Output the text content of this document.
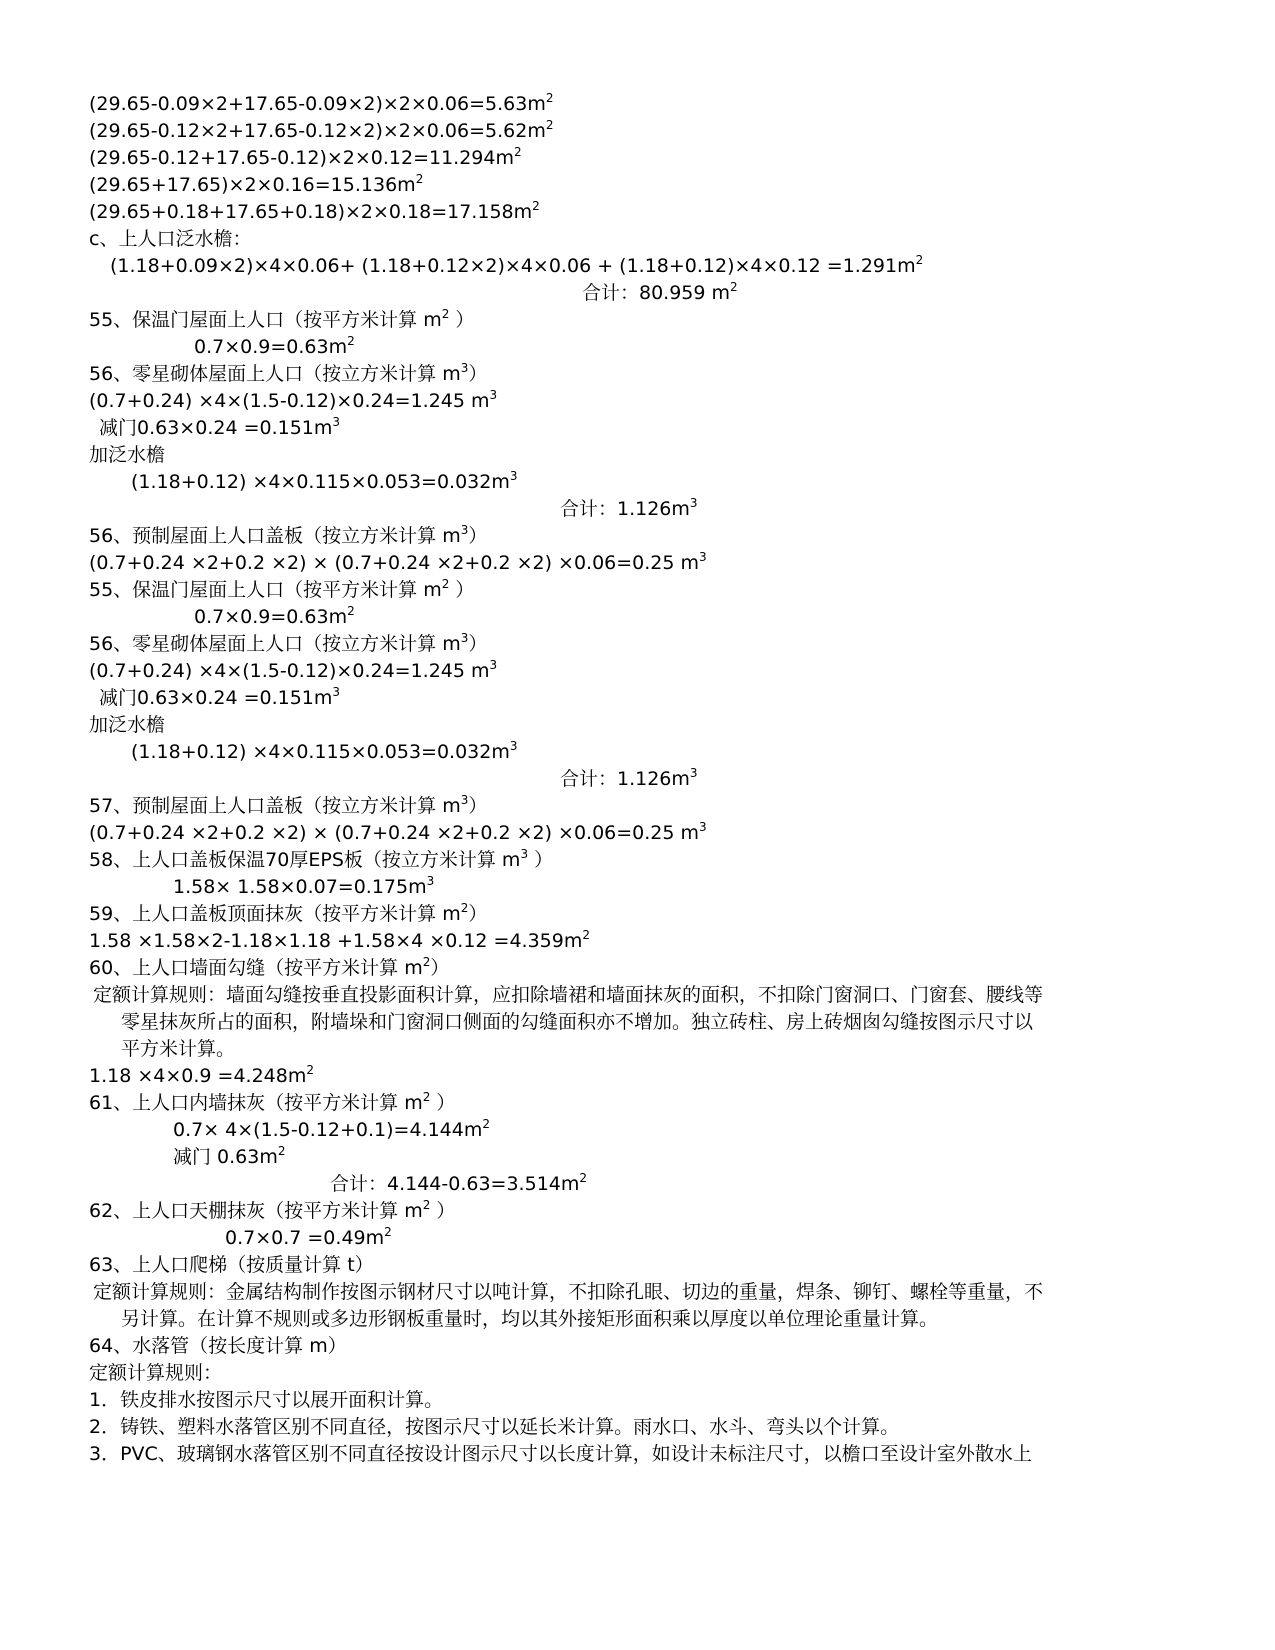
$(29.65-0.09\times 2+17.65-0.09\times 2)\times 2\times 0.06=5.63m^2$
$(29.65-0.12\times 2+17.65-0.12\times 2)\times 2\times 0.06=5.62m^2$
$(29.65-0.12+17.65-0.12)\times 2\times 0.12=11.294m^2$
$(29.65+17.65)\times 2\times 0.16=15.136m^2$
$(29.65+0.18+17.65+0.18)\times 2\times 0.18=17.158m^2$
c、上人口泛水檐：
$(1.18+0.09\times 2)\times 4\times 0.06+ (1.18+0.12\times 2)\times 4\times 0.06 + (1.18+0.12)\times 4\times 0.12 =1.291m^2$
合计：80.959 $m^2$
55、保温门屋面上人口（按平方米计算 $m^2$ ）
$0.7\times 0.9=0.63m^2$
56、零星砌体屋面上人口（按立方米计算 $m^3$）
(0.7+0.24) ×4×(1.5-0.12)×0.24=1.245 $m^3$
减门$0.63\times 0.24 =0.151m^3$
加泛水檐
$(1.18+0.12) \times 4\times 0.115\times 0.053=0.032m^3$
合计：$1.126m^3$
56、预制屋面上人口盖板（按立方米计算 $m^3$）
(0.7+0.24 ×2+0.2 ×2) × (0.7+0.24 ×2+0.2 ×2) ×0.06=0.25 $m^3$
55、保温门屋面上人口（按平方米计算 $m^2$ ）
$0.7\times 0.9=0.63m^2$
56、零星砌体屋面上人口（按立方米计算 $m^3$）
(0.7+0.24) ×4×(1.5-0.12)×0.24=1.245 $m^3$
减门$0.63\times 0.24 =0.151m^3$
加泛水檐
$(1.18+0.12) \times 4\times 0.115\times 0.053=0.032m^3$
合计：$1.126m^3$
57、预制屋面上人口盖板（按立方米计算 $m^3$）
(0.7+0.24 ×2+0.2 ×2) × (0.7+0.24 ×2+0.2 ×2) ×0.06=0.25 $m^3$
58、上人口盖板保温70厚EPS板（按立方米计算 $m^3$ ）
$1.58\times 1.58\times 0.07=0.175m^3$
59、上人口盖板顶面抹灰（按平方米计算 $m^2$）
$1.58 \times 1.58\times 2-1.18\times 1.18 +1.58\times 4 \times 0.12 =4.359m^2$
60、上人口墙面勾缝（按平方米计算 $m^2$）
定额计算规则：墙面勾缝按垂直投影面积计算，应扣除墙裙和墙面抹灰的面积，不扣除门窗洞口、门窗套、腰线等
零星抹灰所占的面积，附墙垛和门窗洞口侧面的勾缝面积亦不增加。独立砖柱、房上砖烟囱勾缝按图示尺寸以
平方米计算。
$1.18 \times 4\times 0.9 =4.248m^2$
61、上人口内墙抹灰（按平方米计算 $m^2$ ）
$0.7\times 4\times(1.5-0.12+0.1)=4.144m^2$
减门 $0.63m^2$
合计：$4.144-0.63=3.514m^2$
62、上人口天棚抹灰（按平方米计算 $m^2$ ）
$0.7\times 0.7 =0.49m^2$
63、上人口爬梯（按质量计算 t）
定额计算规则：金属结构制作按图示钢材尺寸以吨计算，不扣除孔眼、切边的重量，焊条、铆钉、螺栓等重量，不
另计算。在计算不规则或多边形钢板重量时，均以其外接矩形面积乘以厚度以单位理论重量计算。
64、水落管（按长度计算 m）
定额计算规则：
1．铁皮排水按图示尺寸以展开面积计算。
2．铸铁、塑料水落管区别不同直径，按图示尺寸以延长米计算。雨水口、水斗、弯头以个计算。
3．PVC、玻璃钢水落管区别不同直径按设计图示尺寸以长度计算，如设计未标注尺寸，以檐口至设计室外散水上
